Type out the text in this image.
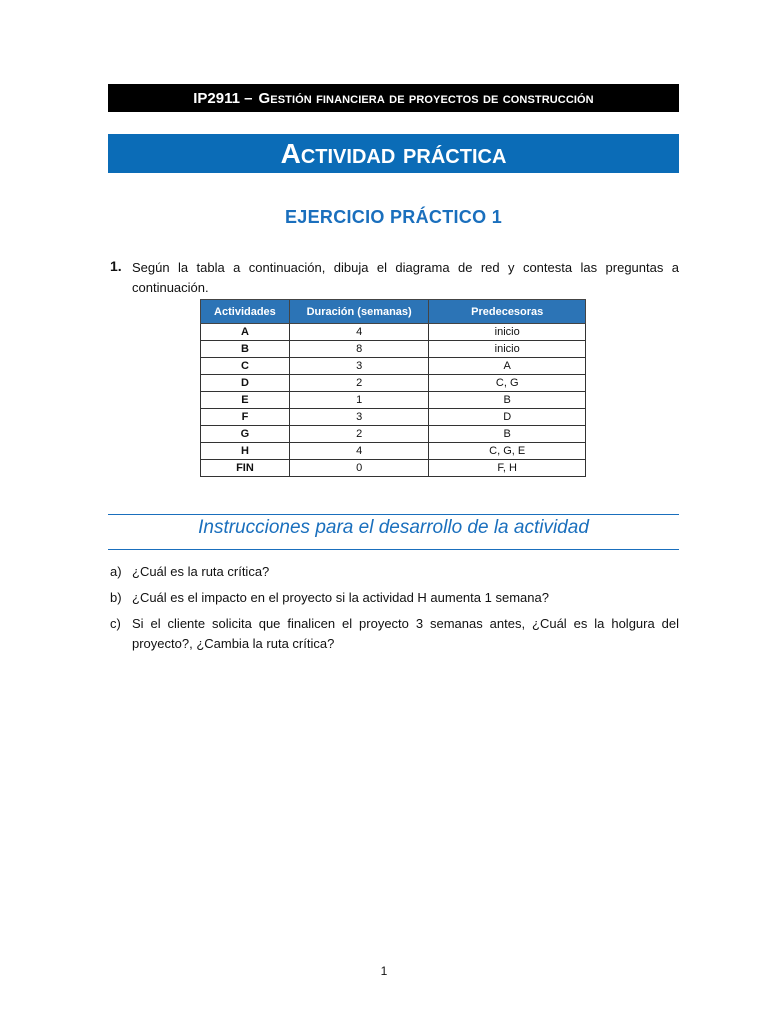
IP2911 – Gestión financiera de proyectos de construcción
Actividad práctica
EJERCICIO PRÁCTICO 1
1. Según la tabla a continuación, dibuja el diagrama de red y contesta las preguntas a continuación.
Actividades	Duración (semanas)	Predecesoras
A	4	inicio
B	8	inicio
C	3	A
D	2	C, G
E	1	B
F	3	D
G	2	B
H	4	C, G, E
FIN	0	F, H
Instrucciones para el desarrollo de la actividad
a) ¿Cuál es la ruta crítica?
b) ¿Cuál es el impacto en el proyecto si la actividad H aumenta 1 semana?
c) Si el cliente solicita que finalicen el proyecto 3 semanas antes, ¿Cuál es la holgura del proyecto?, ¿Cambia la ruta crítica?
1
